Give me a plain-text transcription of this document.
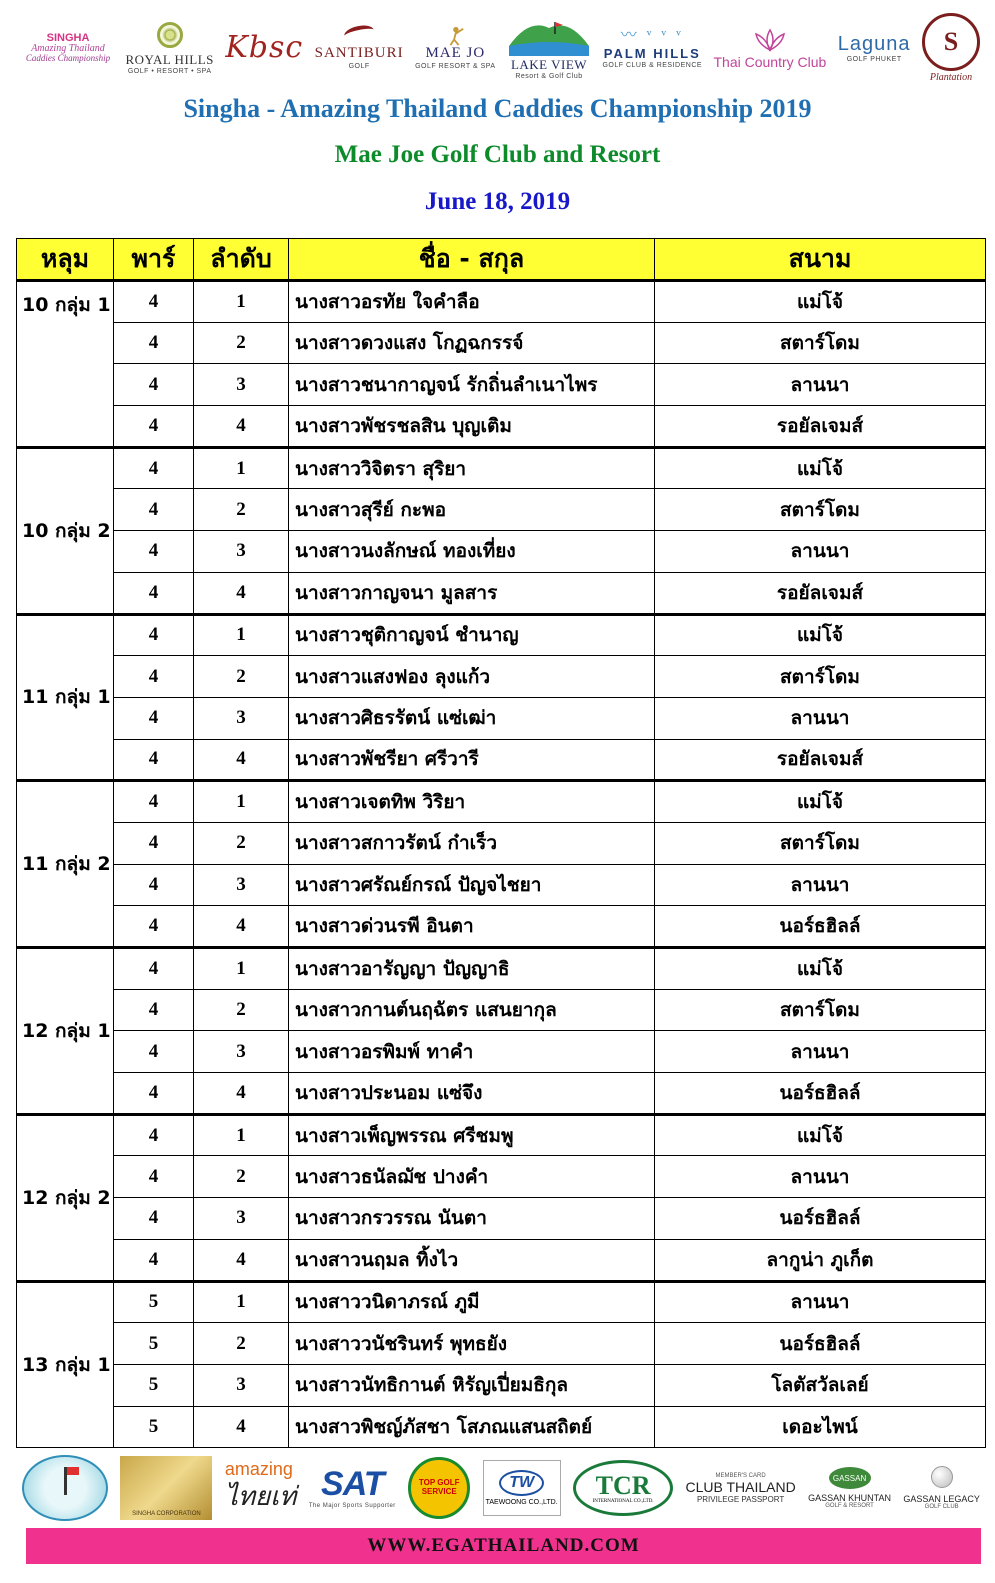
SINGHA
Amazing Thailand
Caddies Championship ROYAL HILLS
GOLF • RESORT • SPA
Kbsc SANTIBURI
GOLF
MAE JO
GOLF RESORT & SPA LAKE VIEW
Resort & Golf Club
〰 ᵛ ᵛ ᵛ
PALM HILLS
GOLF CLUB & RESIDENCE Thai Country Club
Laguna
GOLF PHUKET
S
Plantation
Singha - Amazing Thailand Caddies Championship 2019
Mae Joe Golf Club and Resort
June 18, 2019
หลุม	พาร์	ลำดับ	ชื่อ - สกุล	สนาม
10 กลุ่ม 1	4	1	นางสาวอรทัย ใจคำลือ	แม่โจ้
	4	2	นางสาวดวงแสง โกฏฉกรรจ์	สตาร์โดม
	4	3	นางสาวชนากาญจน์ รักถิ่นลำเนาไพร	ลานนา
	4	4	นางสาวพัชรชลสิน บุญเติม	รอยัลเจมส์
10 กลุ่ม 2	4	1	นางสาววิจิตรา สุริยา	แม่โจ้
	4	2	นางสาวสุรีย์ กะพอ	สตาร์โดม
	4	3	นางสาวนงลักษณ์ ทองเที่ยง	ลานนา
	4	4	นางสาวกาญจนา มูลสาร	รอยัลเจมส์
11 กลุ่ม 1	4	1	นางสาวชุติกาญจน์ ชำนาญ	แม่โจ้
	4	2	นางสาวแสงฟอง ลุงแก้ว	สตาร์โดม
	4	3	นางสาวศิธรรัตน์ แซ่เฒ่า	ลานนา
	4	4	นางสาวพัชรียา ศรีวารี	รอยัลเจมส์
11 กลุ่ม 2	4	1	นางสาวเจตทิพ วิริยา	แม่โจ้
	4	2	นางสาวสกาวรัตน์ ก๋าเร็ว	สตาร์โดม
	4	3	นางสาวศรัณย์กรณ์ ปัญจไชยา	ลานนา
	4	4	นางสาวด่วนรพี อินตา	นอร์ธฮิลล์
12 กลุ่ม 1	4	1	นางสาวอารัญญา ปัญญาธิ	แม่โจ้
	4	2	นางสาวกานต์นฤฉัตร แสนยากุล	สตาร์โดม
	4	3	นางสาวอรพิมพ์ ทาคำ	ลานนา
	4	4	นางสาวประนอม แซ่จึง	นอร์ธฮิลล์
12 กลุ่ม 2	4	1	นางสาวเพ็ญพรรณ ศรีชมพู	แม่โจ้
	4	2	นางสาวธนัลฌัช ปางคำ	ลานนา
	4	3	นางสาวกรวรรณ นันตา	นอร์ธฮิลล์
	4	4	นางสาวนฤมล ทิ้งไว	ลากูน่า ภูเก็ต
13 กลุ่ม 1	5	1	นางสาววนิดาภรณ์ ภูมี	ลานนา
	5	2	นางสาววนัชรินทร์ พุทธยัง	นอร์ธฮิลล์
	5	3	นางสาวนัทธิกานต์ หิรัญเปี่ยมธิกุล	โลตัสวัลเลย์
	5	4	นางสาวพิชญ์ภัสชา โสภณแสนสถิตย์	เดอะไพน์
SINGHA CORPORATION
amazing
ไทยเท่ SAT
The Major Sports Supporter
TOP GOLF
SERVICE
TW
TAEWOONG CO.,LTD.
TCR
INTERNATIONAL CO.,LTD.
MEMBER'S CARD
CLUB THAILAND
PRIVILEGE PASSPORT
GASSAN
GASSAN KHUNTAN
GOLF & RESORT
GASSAN LEGACY
GOLF CLUB
WWW.EGATHAILAND.COM
